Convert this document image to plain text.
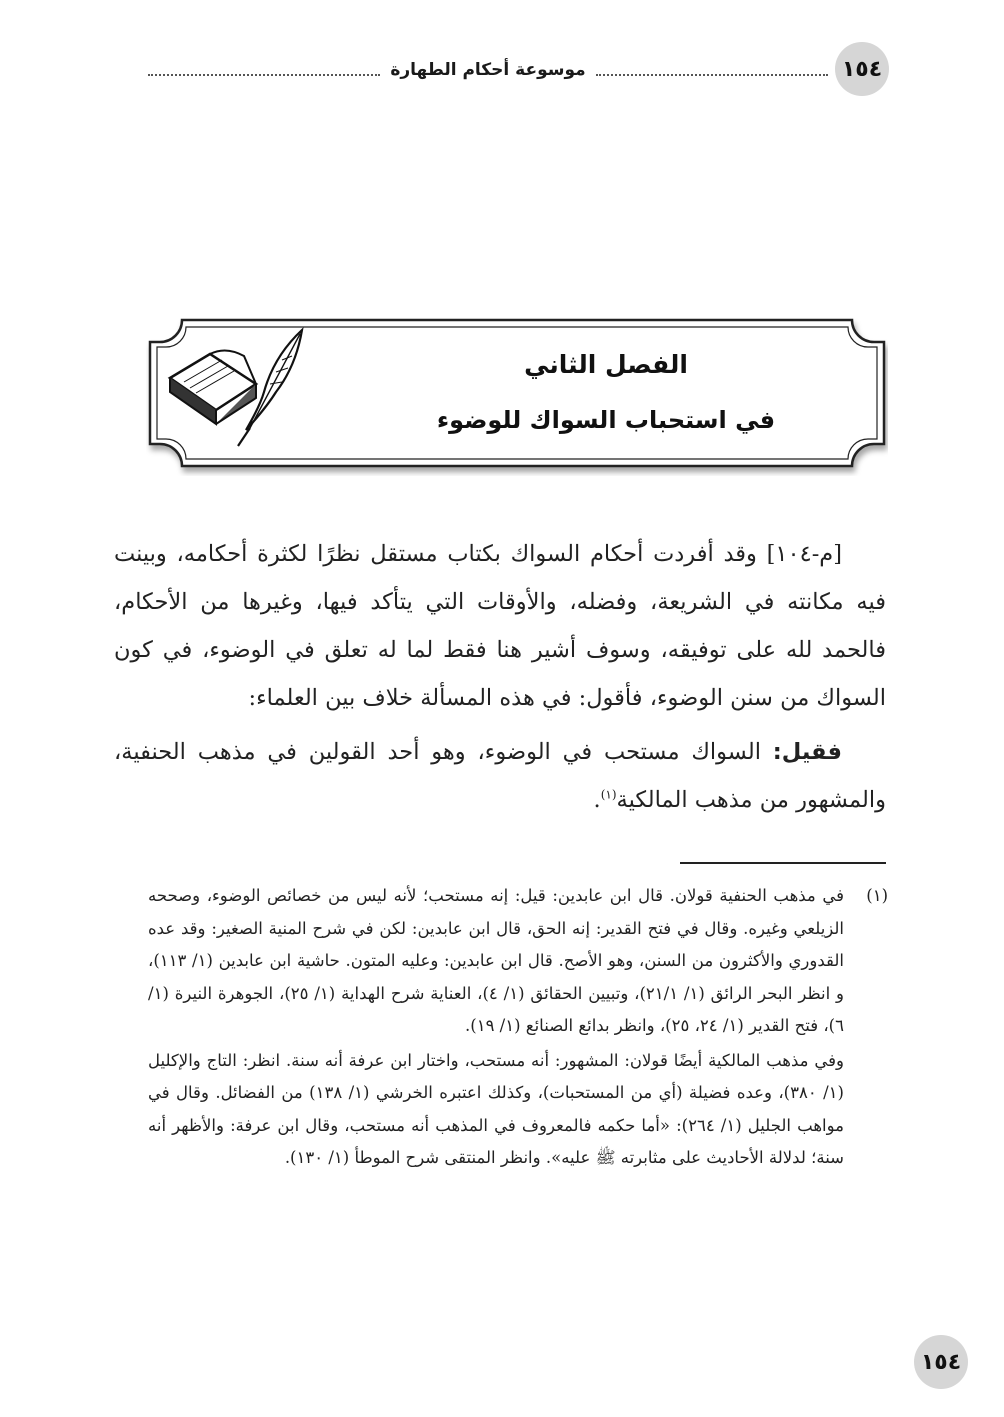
١٥٤
موسوعة أحكام الطهارة
الفصل الثاني
في استحباب السواك للوضوء

[م-١٠٤] وقد أفردت أحكام السواك بكتاب مستقل نظرًا لكثرة أحكامه، وبينت فيه مكانته في الشريعة، وفضله، والأوقات التي يتأكد فيها، وغيرها من الأحكام، فالحمد لله على توفيقه، وسوف أشير هنا فقط لما له تعلق في الوضوء، في كون السواك من سنن الوضوء، فأقول: في هذه المسألة خلاف بين العلماء:

فقيل: السواك مستحب في الوضوء، وهو أحد القولين في مذهب الحنفية، والمشهور من مذهب المالكية$^{(١)}$.

(١)

في مذهب الحنفية قولان. قال ابن عابدين: قيل: إنه مستحب؛ لأنه ليس من خصائص الوضوء، وصححه الزيلعي وغيره. وقال في فتح القدير: إنه الحق، قال ابن عابدين: لكن في شرح المنية الصغير: وقد عده القدوري والأكثرون من السنن، وهو الأصح. قال ابن عابدين: وعليه المتون. حاشية ابن عابدين (١/ ١١٣)، و انظر البحر الرائق (١/ ٢١/١)، وتبيين الحقائق (١/ ٤)، العناية شرح الهداية (١/ ٢٥)، الجوهرة النيرة (١/ ٦)، فتح القدير (١/ ٢٤، ٢٥)، وانظر بدائع الصنائع (١/ ١٩).

وفي مذهب المالكية أيضًا قولان: المشهور: أنه مستحب، واختار ابن عرفة أنه سنة. انظر: التاج والإكليل (١/ ٣٨٠)، وعده فضيلة (أي من المستحبات)، وكذلك اعتبره الخرشي (١/ ١٣٨) من الفضائل. وقال في مواهب الجليل (١/ ٢٦٤): «أما حكمه فالمعروف في المذهب أنه مستحب، وقال ابن عرفة: والأظهر أنه سنة؛ لدلالة الأحاديث على مثابرته ﷺ عليه». وانظر المنتقى شرح الموطأ (١/ ١٣٠).

١٥٤
